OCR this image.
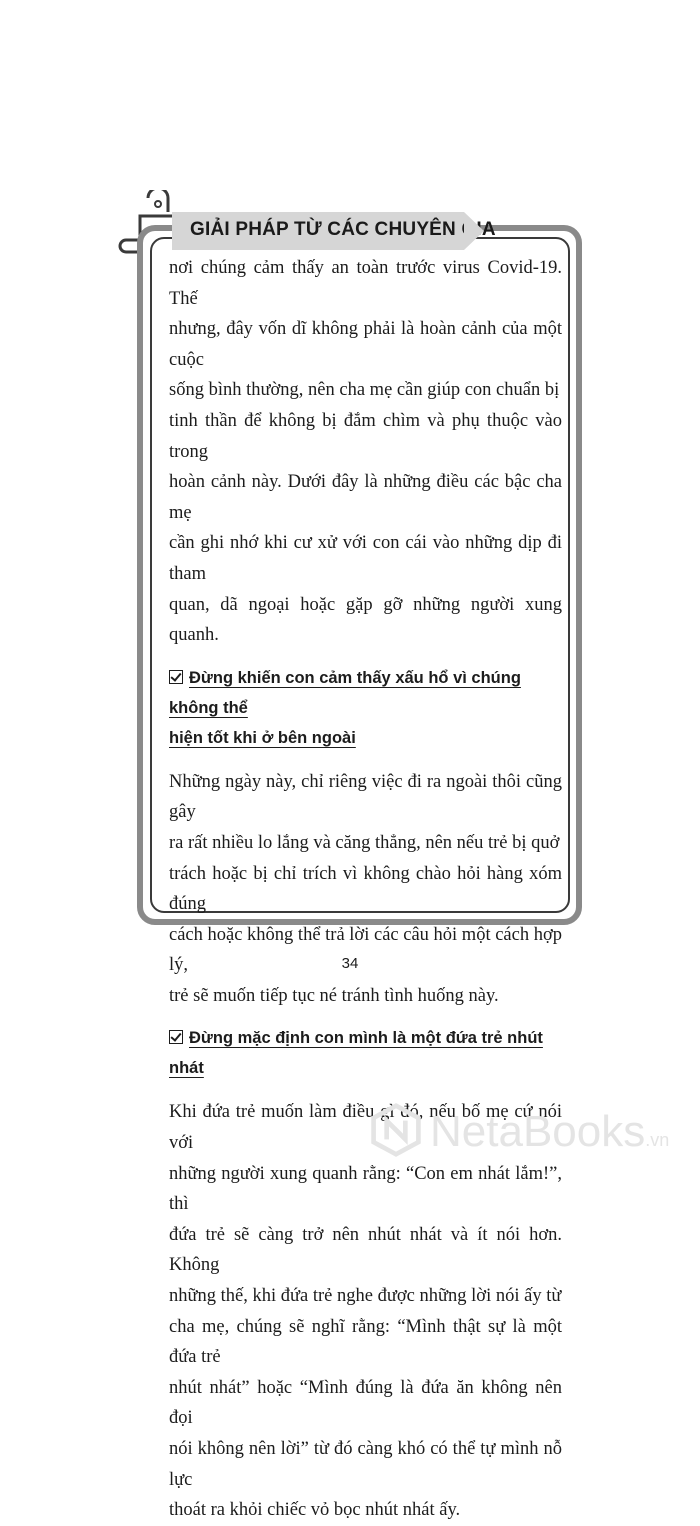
GIẢI PHÁP TỪ CÁC CHUYÊN GIA

nơi chúng cảm thấy an toàn trước virus Covid-19. Thế

nhưng, đây vốn dĩ không phải là hoàn cảnh của một cuộc

sống bình thường, nên cha mẹ cần giúp con chuẩn bị

tinh thần để không bị đắm chìm và phụ thuộc vào trong

hoàn cảnh này. Dưới đây là những điều các bậc cha mẹ

cần ghi nhớ khi cư xử với con cái vào những dịp đi tham

quan, dã ngoại hoặc gặp gỡ những người xung quanh.

Đừng khiến con cảm thấy xấu hổ vì chúng không thể

hiện tốt khi ở bên ngoài

Những ngày này, chỉ riêng việc đi ra ngoài thôi cũng gây

ra rất nhiều lo lắng và căng thẳng, nên nếu trẻ bị quở

trách hoặc bị chỉ trích vì không chào hỏi hàng xóm đúng

cách hoặc không thể trả lời các câu hỏi một cách hợp lý,

trẻ sẽ muốn tiếp tục né tránh tình huống này.

Đừng mặc định con mình là một đứa trẻ nhút nhát

Khi đứa trẻ muốn làm điều gì đó, nếu bố mẹ cứ nói với

những người xung quanh rằng: “Con em nhát lắm!”, thì

đứa trẻ sẽ càng trở nên nhút nhát và ít nói hơn. Không

những thế, khi đứa trẻ nghe được những lời nói ấy từ

cha mẹ, chúng sẽ nghĩ rằng: “Mình thật sự là một đứa trẻ

nhút nhát” hoặc “Mình đúng là đứa ăn không nên đọi

nói không nên lời” từ đó càng khó có thể tự mình nỗ lực

thoát ra khỏi chiếc vỏ bọc nhút nhát ấy.

34
NetaBooks.vn
